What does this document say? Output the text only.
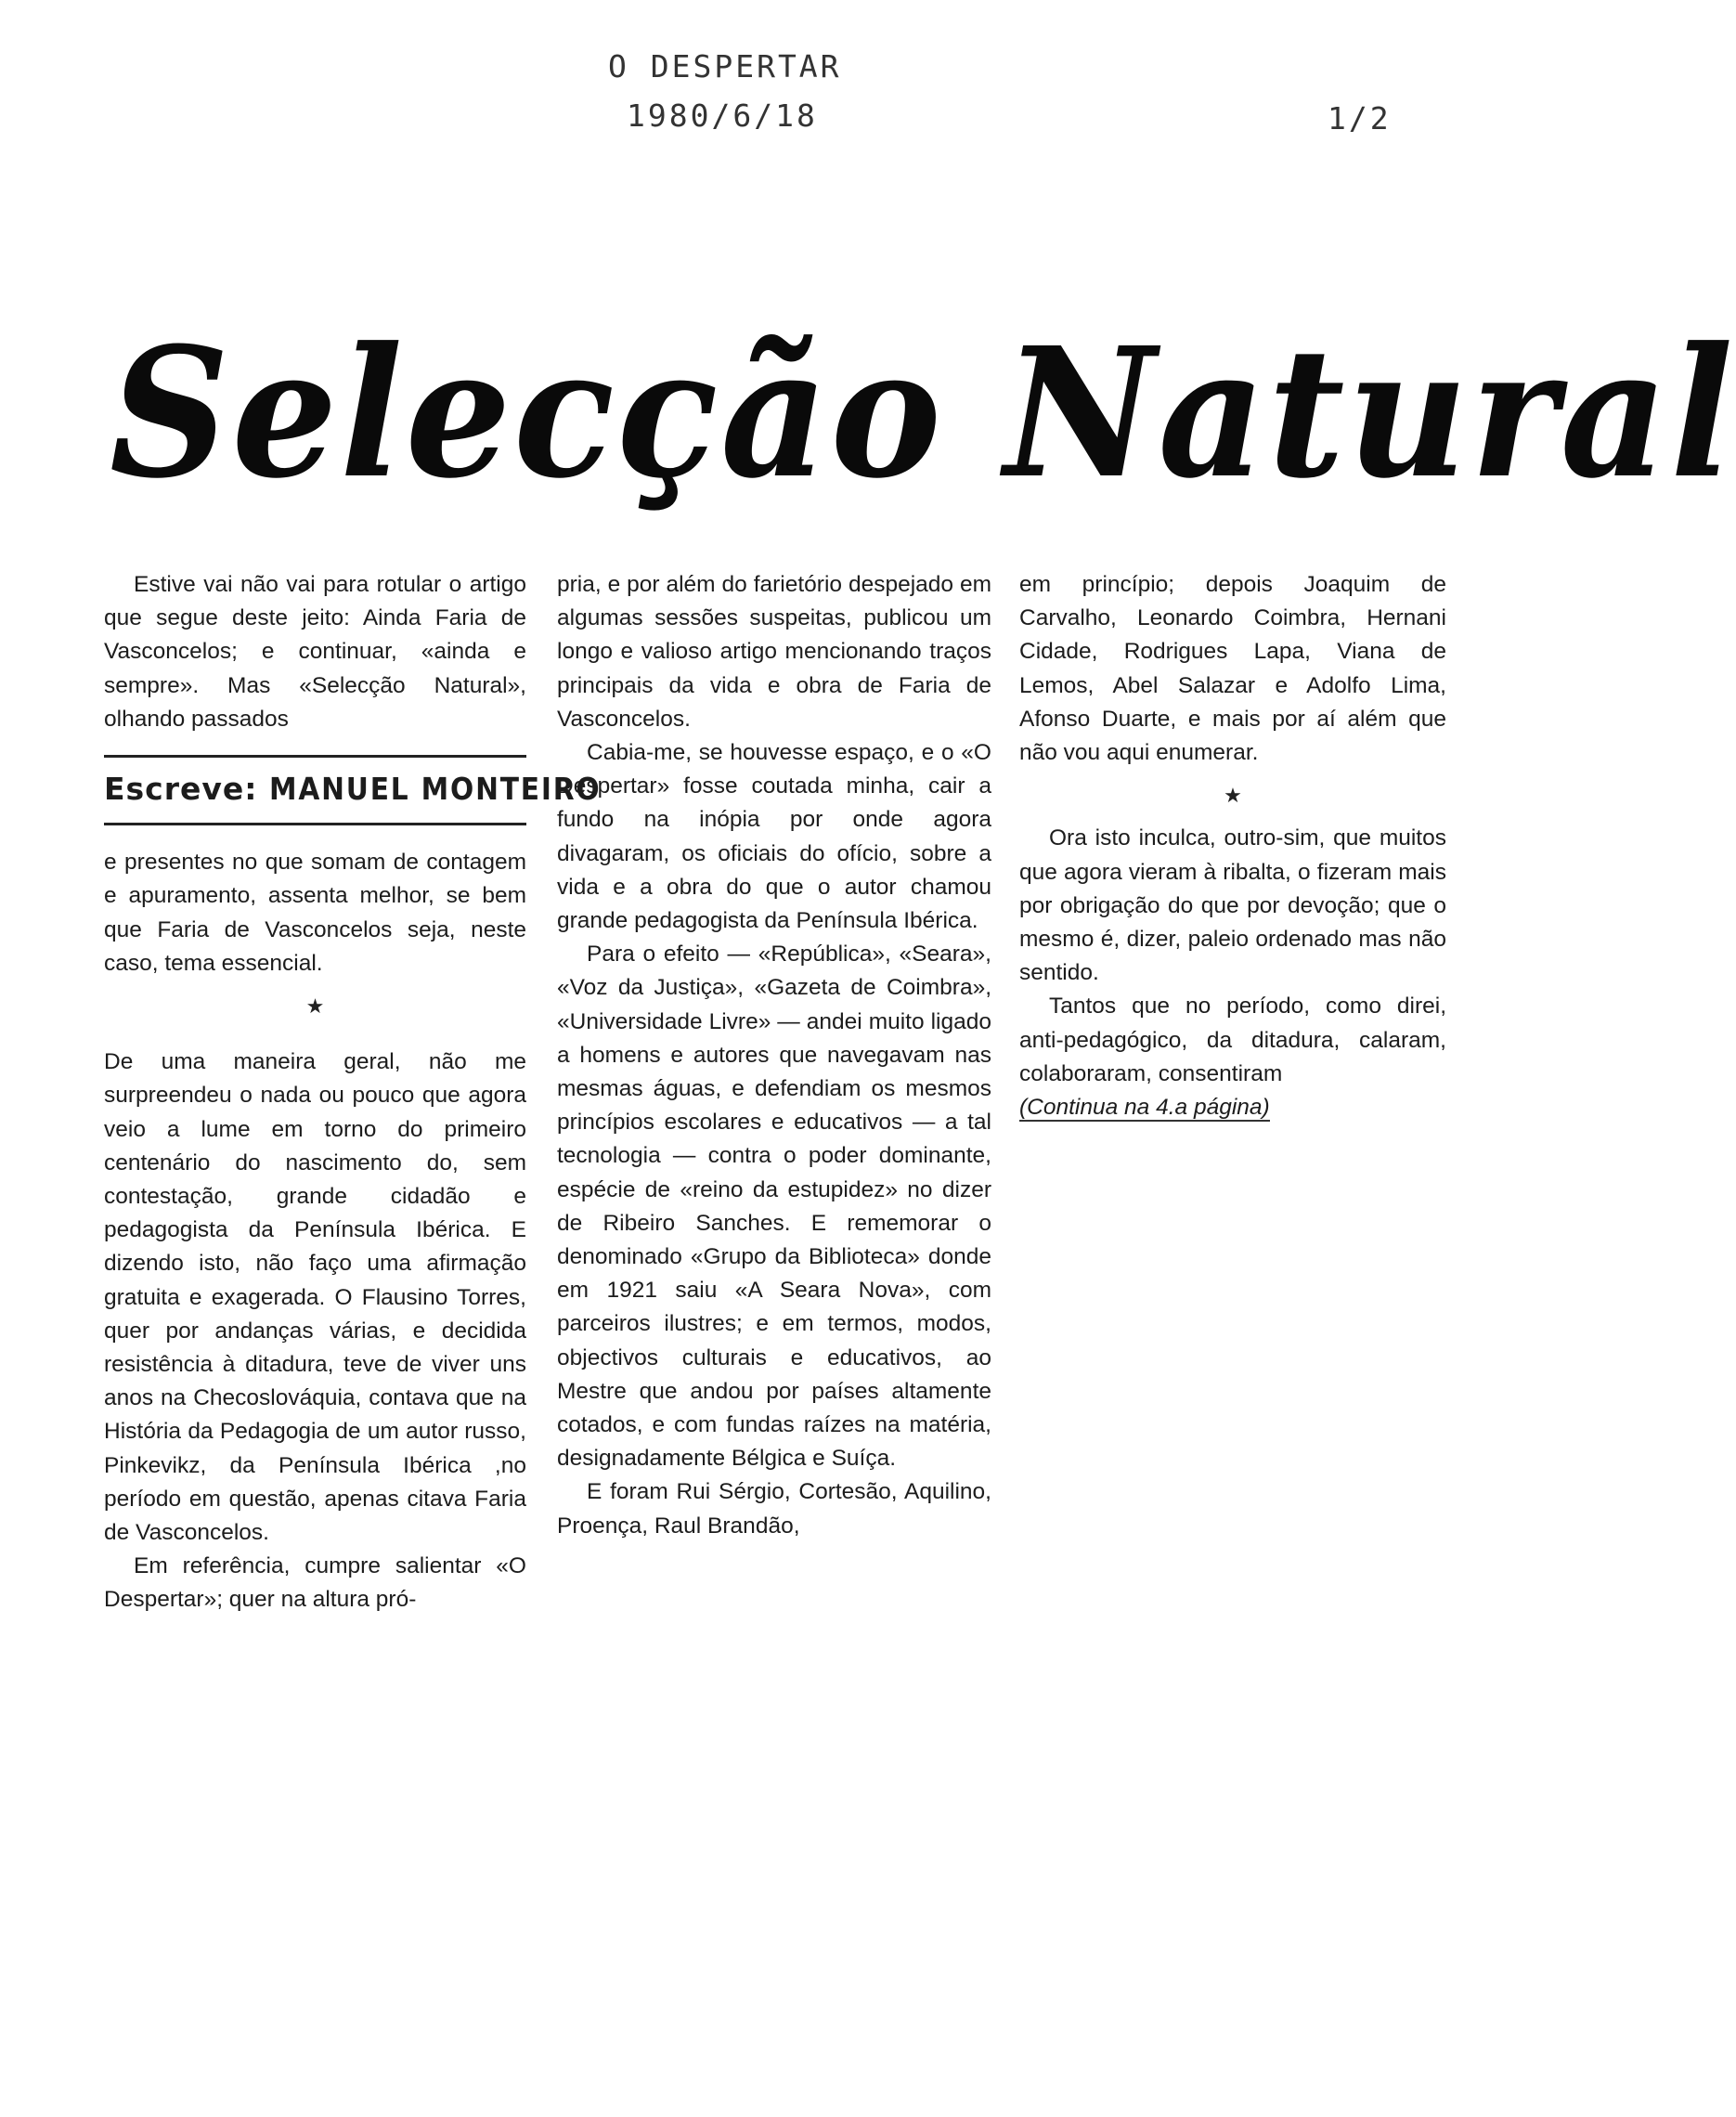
O DESPERTAR
1980/6/18	1/2
Selecção Natural

Estive vai não vai para rotular o artigo que segue deste jeito: Ainda Faria de Vasconcelos; e continuar, «ainda e sempre». Mas «Selecção Natural», olhando passados

Escreve: MANUEL MONTEIRO

e presentes no que somam de contagem e apuramento, assenta melhor, se bem que Faria de Vasconcelos seja, neste caso, tema essencial.

★

De uma maneira geral, não me surpreendeu o nada ou pouco que agora veio a lume em torno do primeiro centenário do nascimento do, sem contestação, grande cidadão e pedagogista da Península Ibérica. E dizendo isto, não faço uma afirmação gratuita e exagerada. O Flausino Torres, quer por andanças várias, e decidida resistência à ditadura, teve de viver uns anos na Checoslováquia, contava que na História da Pedagogia de um autor russo, Pinkevikz, da Península Ibérica ,no período em questão, apenas citava Faria de Vasconcelos.

Em referência, cumpre salientar «O Despertar»; quer na altura pró-

pria, e por além do farietório despejado em algumas sessões suspeitas, publicou um longo e valioso artigo mencionando traços principais da vida e obra de Faria de Vasconcelos.

Cabia-me, se houvesse espaço, e o «O Despertar» fosse coutada minha, cair a fundo na inópia por onde agora divagaram, os oficiais do ofício, sobre a vida e a obra do que o autor chamou grande pedagogista da Península Ibérica.

Para o efeito — «República», «Seara», «Voz da Justiça», «Gazeta de Coimbra», «Universidade Livre» — andei muito ligado a homens e autores que navegavam nas mesmas águas, e defendiam os mesmos princípios escolares e educativos — a tal tecnologia — contra o poder dominante, espécie de «reino da estupidez» no dizer de Ribeiro Sanches. E rememorar o denominado «Grupo da Biblioteca» donde em 1921 saiu «A Seara Nova», com parceiros ilustres; e em termos, modos, objectivos culturais e educativos, ao Mestre que andou por países altamente cotados, e com fundas raízes na matéria, designadamente Bélgica e Suíça.

E foram Rui Sérgio, Cortesão, Aquilino, Proença, Raul Brandão,

em princípio; depois Joaquim de Carvalho, Leonardo Coimbra, Hernani Cidade, Rodrigues Lapa, Viana de Lemos, Abel Salazar e Adolfo Lima, Afonso Duarte, e mais por aí além que não vou aqui enumerar.

★

Ora isto inculca, outro-sim, que muitos que agora vieram à ribalta, o fizeram mais por obrigação do que por devoção; que o mesmo é, dizer, paleio ordenado mas não sentido.

Tantos que no período, como direi, anti-pedagógico, da ditadura, calaram, colaboraram, consentiram

(Continua na 4.a página)
